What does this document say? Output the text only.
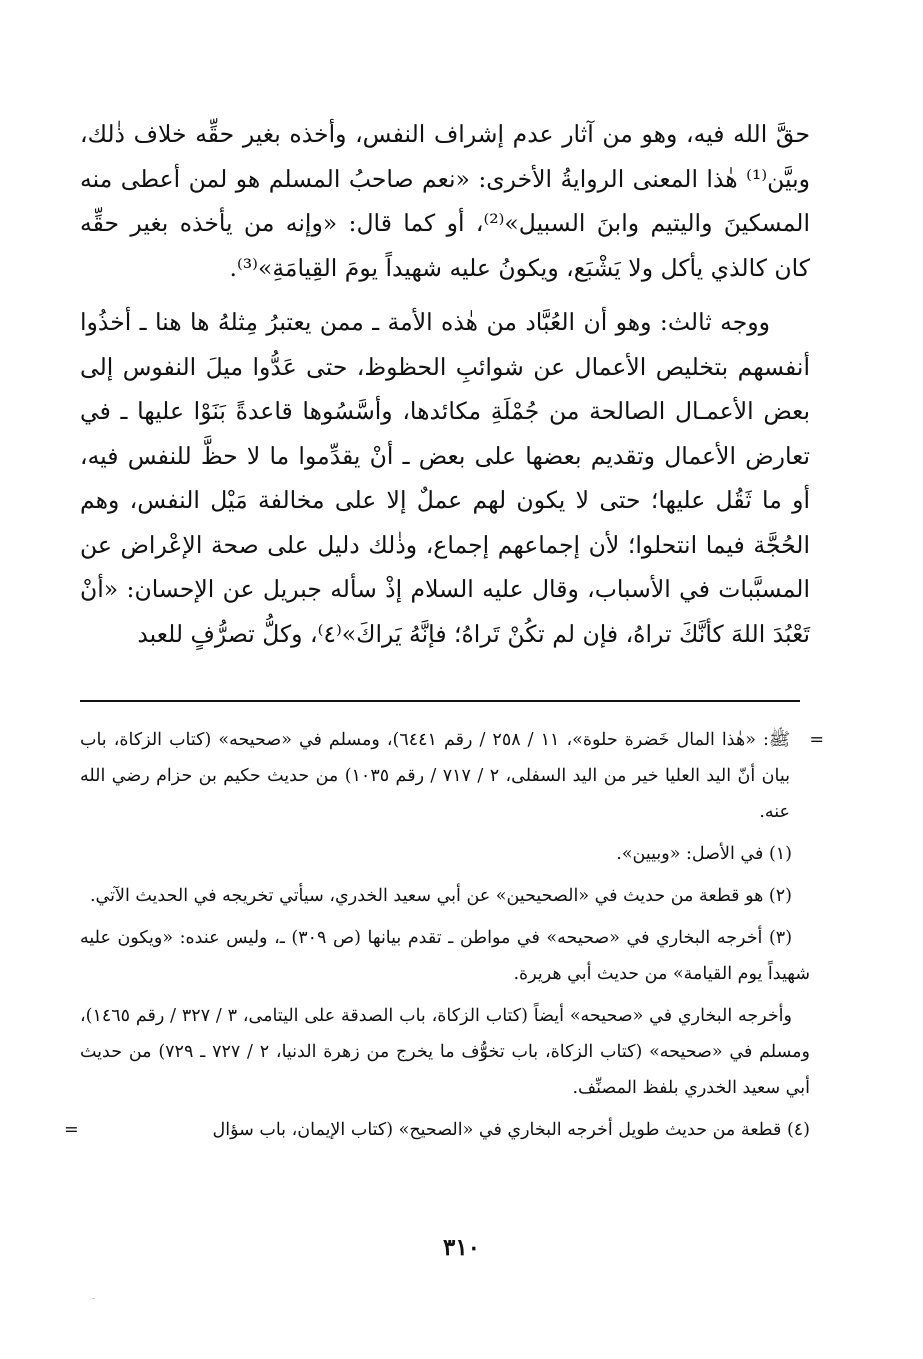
حقَّ الله فيه، وهو من آثار عدم إشراف النفس، وأخذه بغير حقِّه خلاف ذٰلك، وبيَّن⁽¹⁾ هٰذا المعنى الروايةُ الأخرى: «نعم صاحبُ المسلم هو لمن أعطى منه المسكينَ واليتيم وابنَ السبيل»⁽²⁾، أو كما قال: «وإنه من يأخذه بغير حقِّه كان كالذي يأكل ولا يَشْبَع، ويكونُ عليه شهيداً يومَ القِيامَةِ»⁽³⁾.

ووجه ثالث: وهو أن العُبَّاد من هٰذه الأمة ـ ممن يعتبرُ مِثلهُ ها هنا ـ أخذُوا أنفسهم بتخليص الأعمال عن شوائبِ الحظوظ، حتى عَدُّوا ميلَ النفوس إلى بعض الأعمـال الصالحة من جُمْلَةِ مكائدها، وأسَّسُوها قاعدةً بَنَوْا عليها ـ في تعارض الأعمال وتقديم بعضها على بعض ـ أنْ يقدِّموا ما لا حظَّ للنفس فيه، أو ما ثَقُل عليها؛ حتى لا يكون لهم عملٌ إلا على مخالفة مَيْل النفس، وهم الحُجَّة فيما انتحلوا؛ لأن إجماعهم إجماع، وذٰلك دليل على صحة الإعْراض عن المسبَّبات في الأسباب، وقال عليه السلام إذْ سأله جبريل عن الإحسان: «أنْ تَعْبُدَ اللهَ كأنَّكَ تراهُ، فإن لم تكُنْ تَراهُ؛ فإنَّهُ يَراكَ»⁽٤⁾، وكلُّ تصرُّفٍ للعبد

=
ﷺ: «هٰذا المال خَضرة حلوة»، ١١ / ٢٥٨ / رقم ٦٤٤١)، ومسلم في «صحيحه» (كتاب الزكاة، باب بيان أنّ اليد العليا خير من اليد السفلى، ٢ / ٧١٧ / رقم ١٠٣٥) من حديث حكيم بن حزام رضي الله عنه.

(١) في الأصل: «وبيين».

(٢) هو قطعة من حديث في «الصحيحين» عن أبي سعيد الخدري، سيأتي تخريجه في الحديث الآتي.

(٣) أخرجه البخاري في «صحيحه» في مواطن ـ تقدم بيانها (ص ٣٠٩) ـ، وليس عنده: «ويكون عليه شهيداً يوم القيامة» من حديث أبي هريرة.

وأخرجه البخاري في «صحيحه» أيضاً (كتاب الزكاة، باب الصدقة على اليتامى، ٣ / ٣٢٧ / رقم ١٤٦٥)، ومسلم في «صحيحه» (كتاب الزكاة، باب تخوُّف ما يخرج من زهرة الدنيا، ٢ / ٧٢٧ ـ ٧٢٩) من حديث أبي سعيد الخدري بلفظ المصنِّف.

(٤) قطعة من حديث طويل أخرجه البخاري في «الصحيح» (كتاب الإيمان، باب سؤال
=

٣١٠
